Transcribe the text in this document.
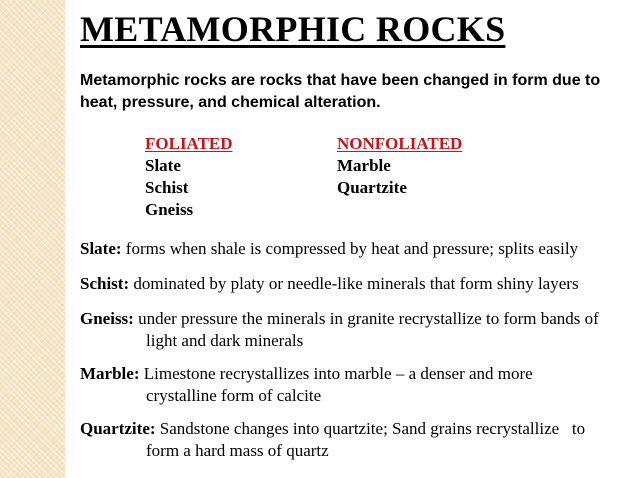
METAMORPHIC ROCKS
Metamorphic rocks are rocks that have been changed in form due to heat, pressure, and chemical alteration.
FOLIATED
Slate
Schist
Gneiss
NONFOLIATED
Marble
Quartzite
Slate: forms when shale is compressed by heat and pressure; splits easily
Schist: dominated by platy or needle-like minerals that form shiny layers
Gneiss: under pressure the minerals in granite recrystallize to form bands of
light and dark minerals
Marble: Limestone recrystallizes into marble – a denser and more
crystalline form of calcite
Quartzite: Sandstone changes into quartzite; Sand grains recrystallize   to
form a hard mass of quartz
